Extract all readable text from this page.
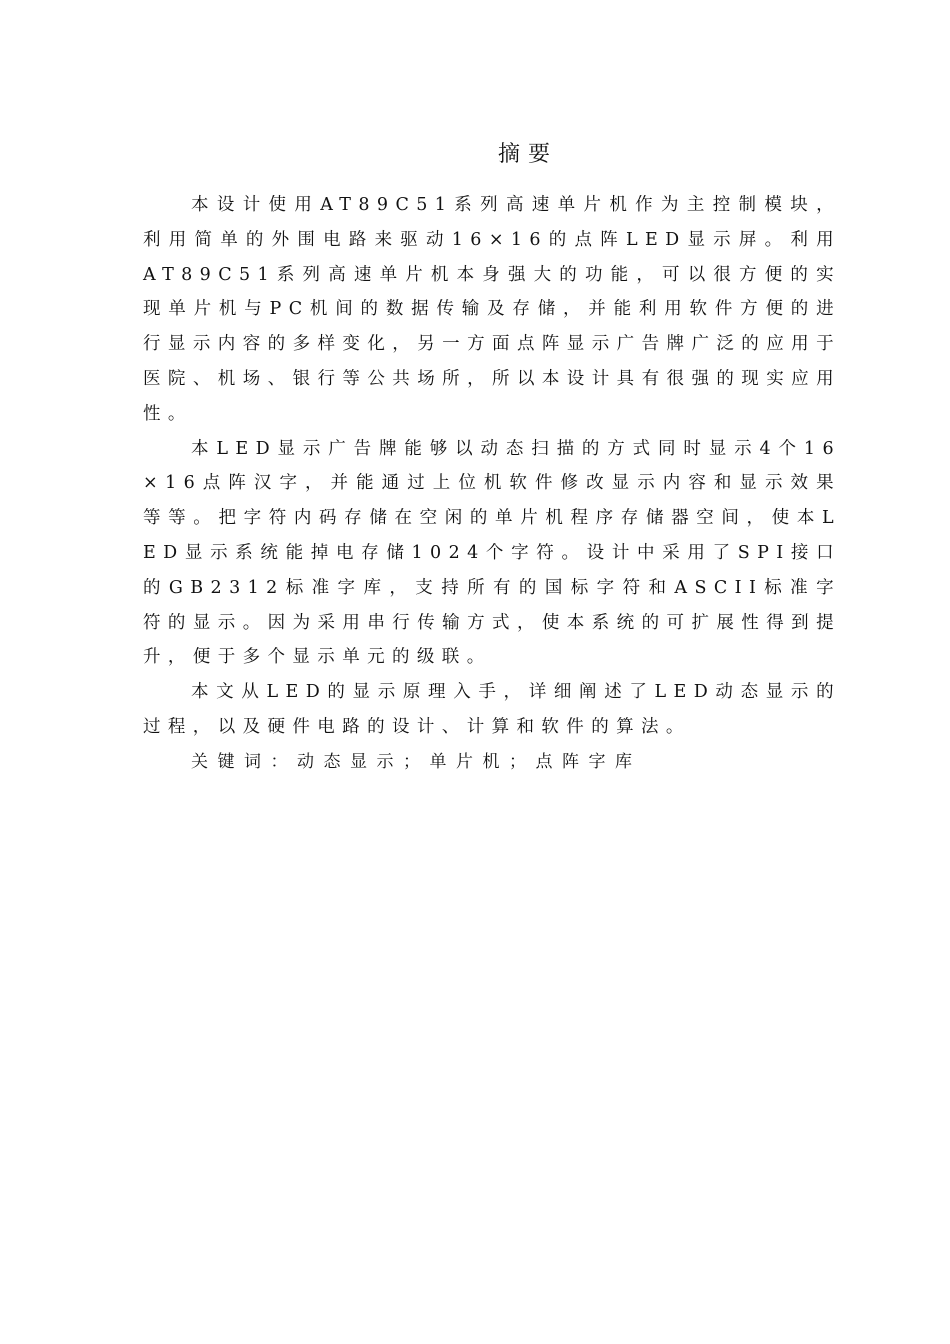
摘要

本设计使用AT89C51系列高速单片机作为主控制模块，利用简单的外围电路来驱动16×16的点阵LED显示屏。利用AT89C51系列高速单片机本身强大的功能，可以很方便的实现单片机与PC机间的数据传输及存储，并能利用软件方便的进行显示内容的多样变化，另一方面点阵显示广告牌广泛的应用于医院、机场、银行等公共场所，所以本设计具有很强的现实应用性。

本LED显示广告牌能够以动态扫描的方式同时显示4个16×16点阵汉字，并能通过上位机软件修改显示内容和显示效果等等。把字符内码存储在空闲的单片机程序存储器空间，使本LED显示系统能掉电存储1024个字符。设计中采用了SPI接口的GB2312标准字库，支持所有的国标字符和ASCII标准字符的显示。因为采用串行传输方式，使本系统的可扩展性得到提升，便于多个显示单元的级联。

本文从LED的显示原理入手，详细阐述了LED动态显示的过程，以及硬件电路的设计、计算和软件的算法。

关键词：动态显示；单片机；点阵字库
